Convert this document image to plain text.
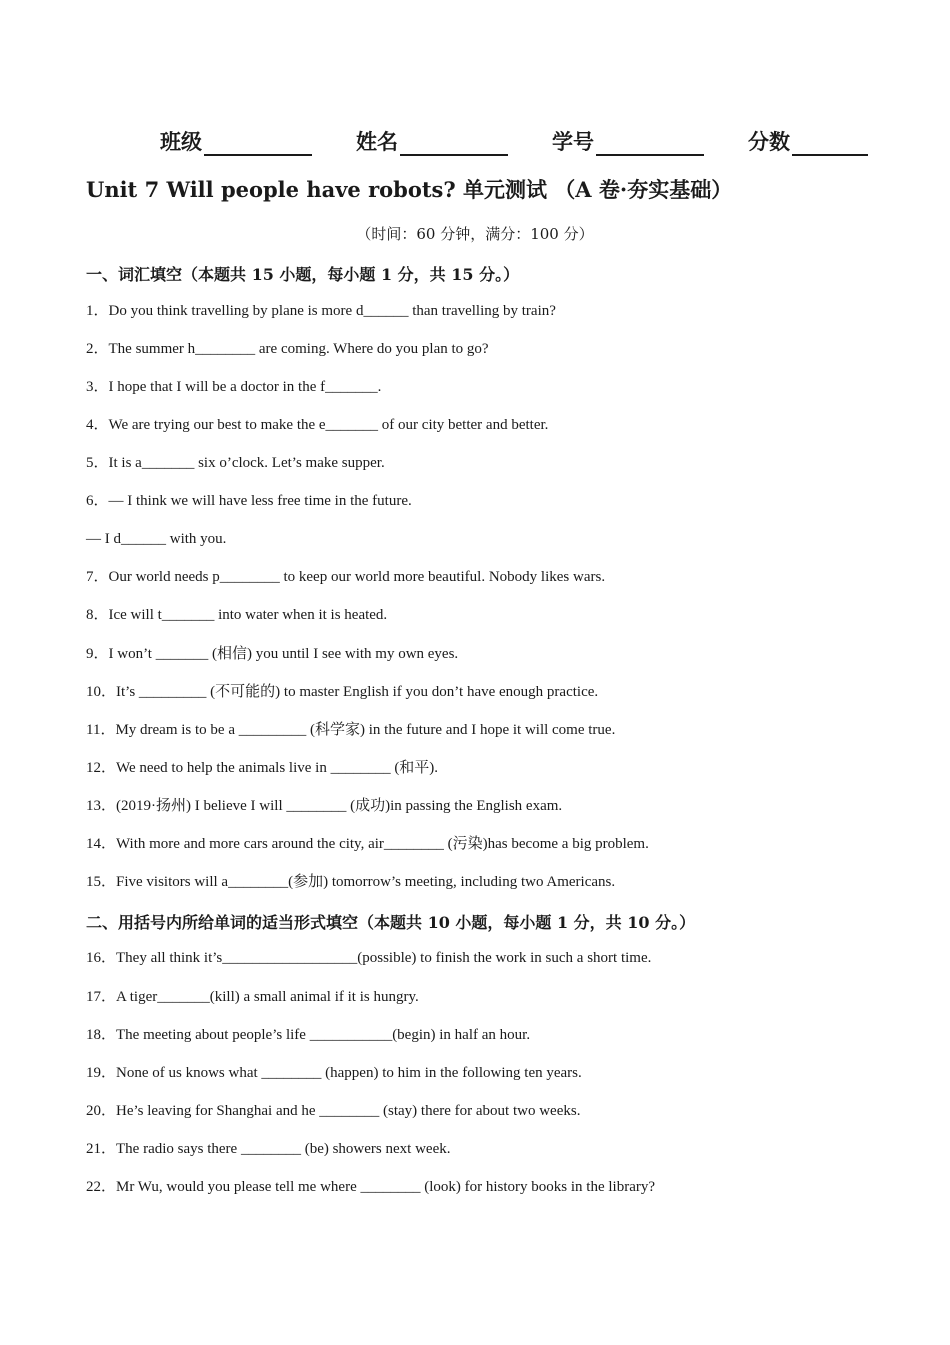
班级	姓名	学号	分数
Unit 7 Will people have robots? 单元测试 （A 卷·夯实基础）
（时间：60 分钟，满分：100 分）
一、词汇填空（本题共 15 小题，每小题 1 分，共 15 分。）
1．Do you think travelling by plane is more d______ than travelling by train?
2．The summer h________ are coming. Where do you plan to go?
3．I hope that I will be a doctor in the f_______.
4．We are trying our best to make the e_______ of our city better and better.
5．It is a_______ six o’clock. Let’s make supper.
6．— I think we will have less free time in the future.
— I d______ with you.
7．Our world needs p________ to keep our world more beautiful. Nobody likes wars.
8．Ice will t_______ into water when it is heated.
9．I won’t _______ (相信) you until I see with my own eyes.
10．It’s _________ (不可能的) to master English if you don’t have enough practice.
11．My dream is to be a _________ (科学家) in the future and I hope it will come true.
12．We need to help the animals live in ________ (和平).
13．(2019·扬州) I believe I will ________ (成功)in passing the English exam.
14．With more and more cars around the city, air________ (污染)has become a big problem.
15．Five visitors will a________(参加) tomorrow’s meeting, including two Americans.
二、用括号内所给单词的适当形式填空（本题共 10 小题，每小题 1 分，共 10 分。）
16．They all think it’s__________________(possible) to finish the work in such a short time.
17．A tiger_______(kill) a small animal if it is hungry.
18．The meeting about people’s life ___________(begin) in half an hour.
19．None of us knows what ________ (happen) to him in the following ten years.
20．He’s leaving for Shanghai and he ________ (stay) there for about two weeks.
21．The radio says there ________ (be) showers next week.
22．Mr Wu, would you please tell me where ________ (look) for history books in the library?
